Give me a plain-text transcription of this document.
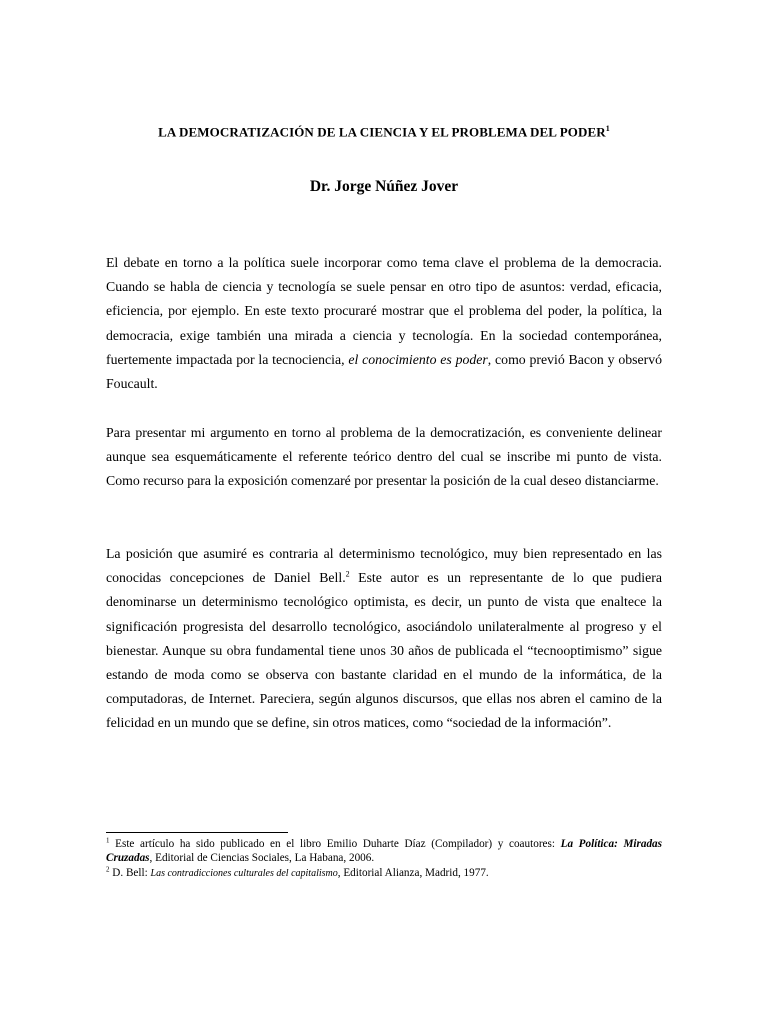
LA DEMOCRATIZACIÓN DE LA CIENCIA Y EL PROBLEMA DEL PODER$^1$
Dr. Jorge Núñez Jover
El debate en torno a la política suele incorporar como tema clave el problema de la democracia. Cuando se habla de ciencia y tecnología se suele pensar en otro tipo de asuntos: verdad, eficacia, eficiencia, por ejemplo. En este texto procuraré mostrar que el problema del poder, la política, la democracia, exige también una mirada a ciencia y tecnología. En la sociedad contemporánea, fuertemente impactada por la tecnociencia, el conocimiento es poder, como previó Bacon y observó Foucault.
Para presentar mi argumento en torno al problema de la democratización, es conveniente delinear aunque sea esquemáticamente el referente teórico dentro del cual se inscribe mi punto de vista. Como recurso para la exposición comenzaré por presentar la posición de la cual deseo distanciarme.
La posición que asumiré es contraria al determinismo tecnológico, muy bien representado en las conocidas concepciones de Daniel Bell.$^2$ Este autor es un representante de lo que pudiera denominarse un determinismo tecnológico optimista, es decir, un punto de vista que enaltece la significación progresista del desarrollo tecnológico, asociándolo unilateralmente al progreso y el bienestar. Aunque su obra fundamental tiene unos 30 años de publicada el “tecnooptimismo” sigue estando de moda como se observa con bastante claridad en el mundo de la informática, de la computadoras, de Internet. Pareciera, según algunos discursos, que ellas nos abren el camino de la felicidad en un mundo que se define, sin otros matices, como “sociedad de la información”.
$^1$ Este artículo ha sido publicado en el libro Emilio Duharte Díaz (Compilador) y coautores: La Política: Miradas Cruzadas, Editorial de Ciencias Sociales, La Habana, 2006.
$^2$ D. Bell: Las contradicciones culturales del capitalismo, Editorial Alianza, Madrid, 1977.
